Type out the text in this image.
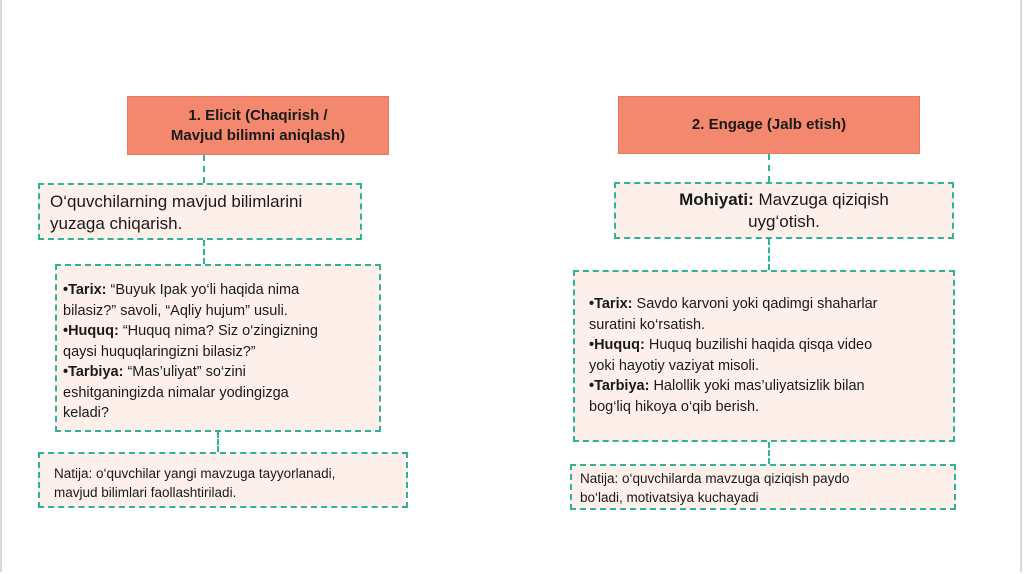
1. Elicit (Chaqirish /
Mavjud bilimni aniqlash)
O‘quvchilarning mavjud bilimlarini
yuzaga chiqarish.
•Tarix: “Buyuk Ipak yo‘li haqida nima
bilasiz?” savoli, “Aqliy hujum” usuli.
•Huquq: “Huquq nima? Siz o‘zingizning
qaysi huquqlaringizni bilasiz?”
•Tarbiya: “Mas’uliyat” so‘zini
eshitganingizda nimalar yodingizga
keladi?
Natija: o‘quvchilar yangi mavzuga tayyorlanadi,
mavjud bilimlari faollashtiriladi.
2. Engage (Jalb etish)
Mohiyati: Mavzuga qiziqish
uyg‘otish.
•Tarix: Savdo karvoni yoki qadimgi shaharlar
suratini ko‘rsatish.
•Huquq: Huquq buzilishi haqida qisqa video
yoki hayotiy vaziyat misoli.
•Tarbiya: Halollik yoki mas’uliyatsizlik bilan
bog‘liq hikoya o‘qib berish.
Natija: o‘quvchilarda mavzuga qiziqish paydo
bo‘ladi, motivatsiya kuchayadi
